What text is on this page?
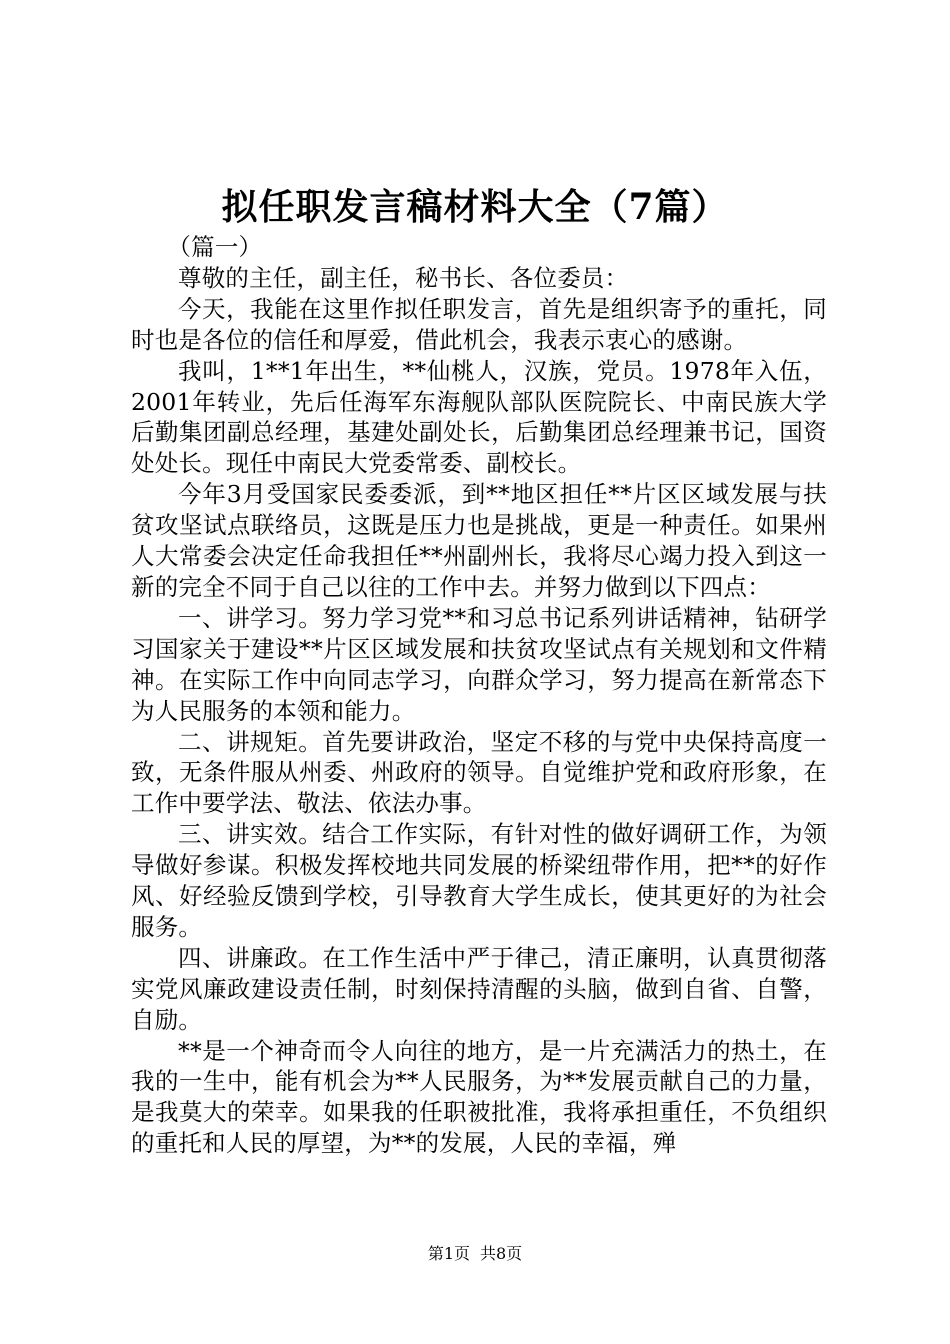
拟任职发言稿材料大全（7篇）

（篇一）

尊敬的主任，副主任，秘书长、各位委员：

今天，我能在这里作拟任职发言，首先是组织寄予的重托，同时也是各位的信任和厚爱，借此机会，我表示衷心的感谢。

我叫，1**1年出生，**仙桃人，汉族，党员。1978年入伍，2001年转业，先后任海军东海舰队部队医院院长、中南民族大学后勤集团副总经理，基建处副处长，后勤集团总经理兼书记，国资处处长。现任中南民大党委常委、副校长。

今年3月受国家民委委派，到**地区担任**片区区域发展与扶贫攻坚试点联络员，这既是压力也是挑战，更是一种责任。如果州人大常委会决定任命我担任**州副州长，我将尽心竭力投入到这一新的完全不同于自己以往的工作中去。并努力做到以下四点：

一、讲学习。努力学习党**和习总书记系列讲话精神，钻研学习国家关于建设**片区区域发展和扶贫攻坚试点有关规划和文件精神。在实际工作中向同志学习，向群众学习，努力提高在新常态下为人民服务的本领和能力。

二、讲规矩。首先要讲政治，坚定不移的与党中央保持高度一致，无条件服从州委、州政府的领导。自觉维护党和政府形象，在工作中要学法、敬法、依法办事。

三、讲实效。结合工作实际，有针对性的做好调研工作，为领导做好参谋。积极发挥校地共同发展的桥梁纽带作用，把**的好作风、好经验反馈到学校，引导教育大学生成长，使其更好的为社会服务。

四、讲廉政。在工作生活中严于律己，清正廉明，认真贯彻落实党风廉政建设责任制，时刻保持清醒的头脑，做到自省、自警，自励。

**是一个神奇而令人向往的地方，是一片充满活力的热土，在我的一生中，能有机会为**人民服务，为**发展贡献自己的力量，是我莫大的荣幸。如果我的任职被批准，我将承担重任，不负组织的重托和人民的厚望，为**的发展，人民的幸福，殚

第1页 共8页
